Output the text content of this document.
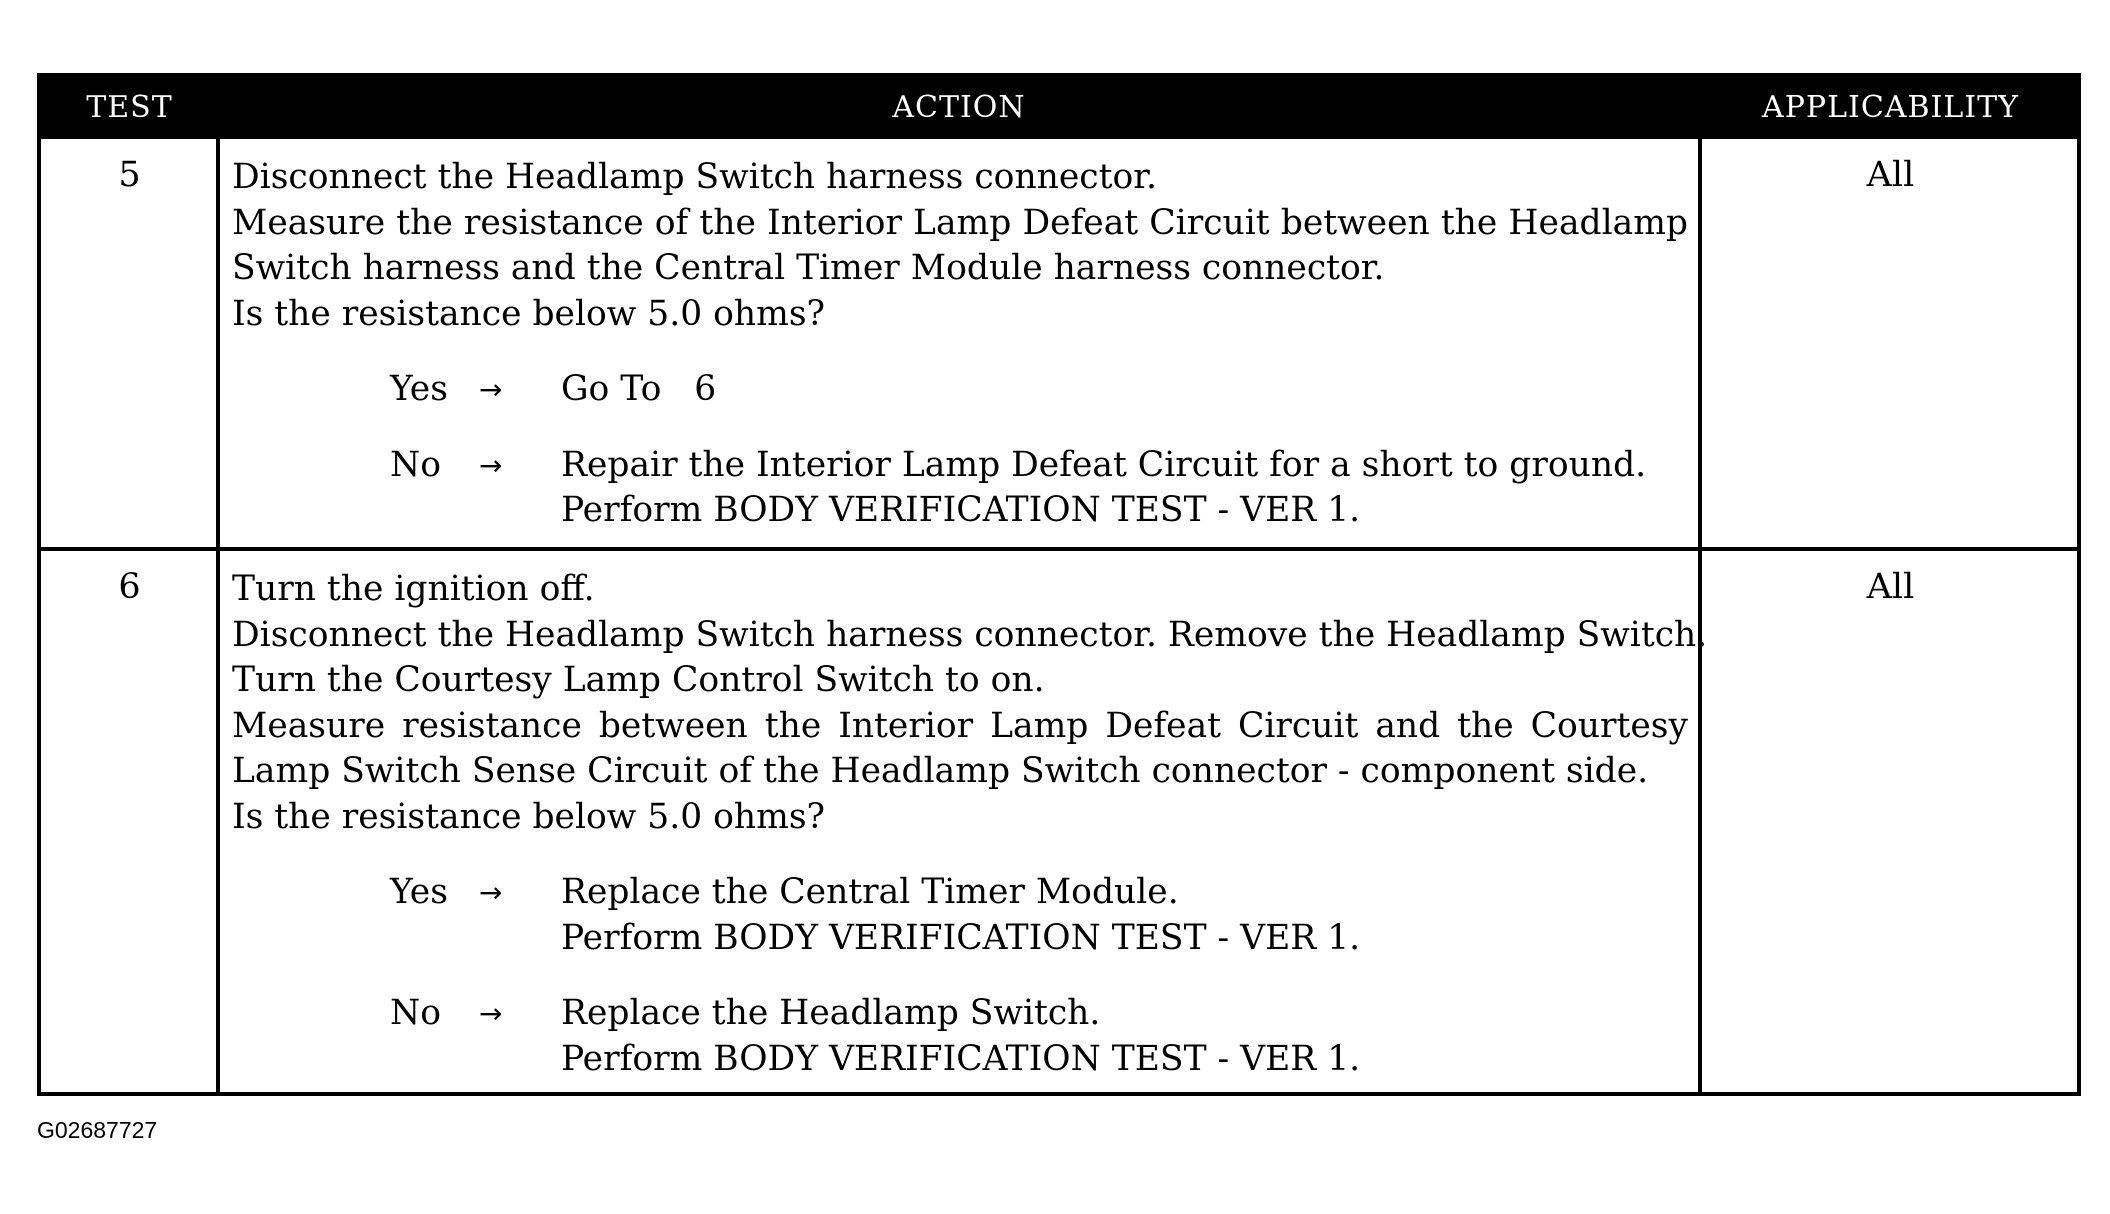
TEST	ACTION	APPLICABILITY
5	Disconnect the Headlamp Switch harness connector.
Measure the resistance of the Interior Lamp Defeat Circuit between the Headlamp
Switch harness and the Central Timer Module harness connector.
Is the resistance below 5.0 ohms?
Yes → Go To   6
No → Repair the Interior Lamp Defeat Circuit for a short to ground.
Perform BODY VERIFICATION TEST - VER 1.
All
6	Turn the ignition off.
Disconnect the Headlamp Switch harness connector. Remove the Headlamp Switch.
Turn the Courtesy Lamp Control Switch to on.
Measure resistance between the Interior Lamp Defeat Circuit and the Courtesy
Lamp Switch Sense Circuit of the Headlamp Switch connector - component side.
Is the resistance below 5.0 ohms?
Yes → Replace the Central Timer Module.
Perform BODY VERIFICATION TEST - VER 1.
No → Replace the Headlamp Switch.
Perform BODY VERIFICATION TEST - VER 1.
All
G02687727
